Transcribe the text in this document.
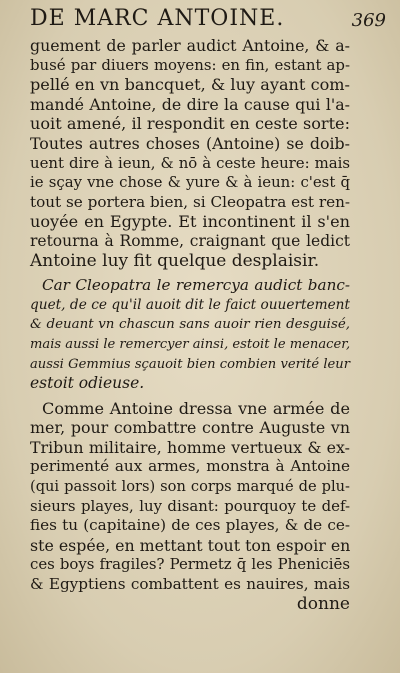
DE MARC ANTOINE.	369
guement de parler audict Antoine, & a-
busé par diuers moyens: en fin, estant ap-
pellé en vn bancquet, & luy ayant com-
mandé Antoine, de dire la cause qui l'a-
uoit amené, il respondit en ceste sorte:
Toutes autres choses (Antoine) se doib-
uent dire à ieun, & nō à ceste heure: mais
ie sçay vne chose & yure & à ieun: c'est q̄
tout se portera bien, si Cleopatra est ren-
uoyée en Egypte. Et incontinent il s'en
retourna à Romme, craignant que ledict
Antoine luy fit quelque desplaisir.
Car Cleopatra le remercya audict banc-
quet, de ce qu'il auoit dit le faict ouuertement
& deuant vn chascun sans auoir rien desguisé,
mais aussi le remercyer ainsi, estoit le menacer,
aussi Gemmius sçauoit bien combien verité leur
estoit odieuse.
Comme Antoine dressa vne armée de
mer, pour combattre contre Auguste vn
Tribun militaire, homme vertueux & ex-
perimenté aux armes, monstra à Antoine
(qui passoit lors) son corps marqué de plu-
sieurs playes, luy disant: pourquoy te def-
fies tu (capitaine) de ces playes, & de ce-
ste espée, en mettant tout ton espoir en
ces boys fragiles? Permetz q̄ les Pheniciēs
& Egyptiens combattent es nauires, mais
donne
